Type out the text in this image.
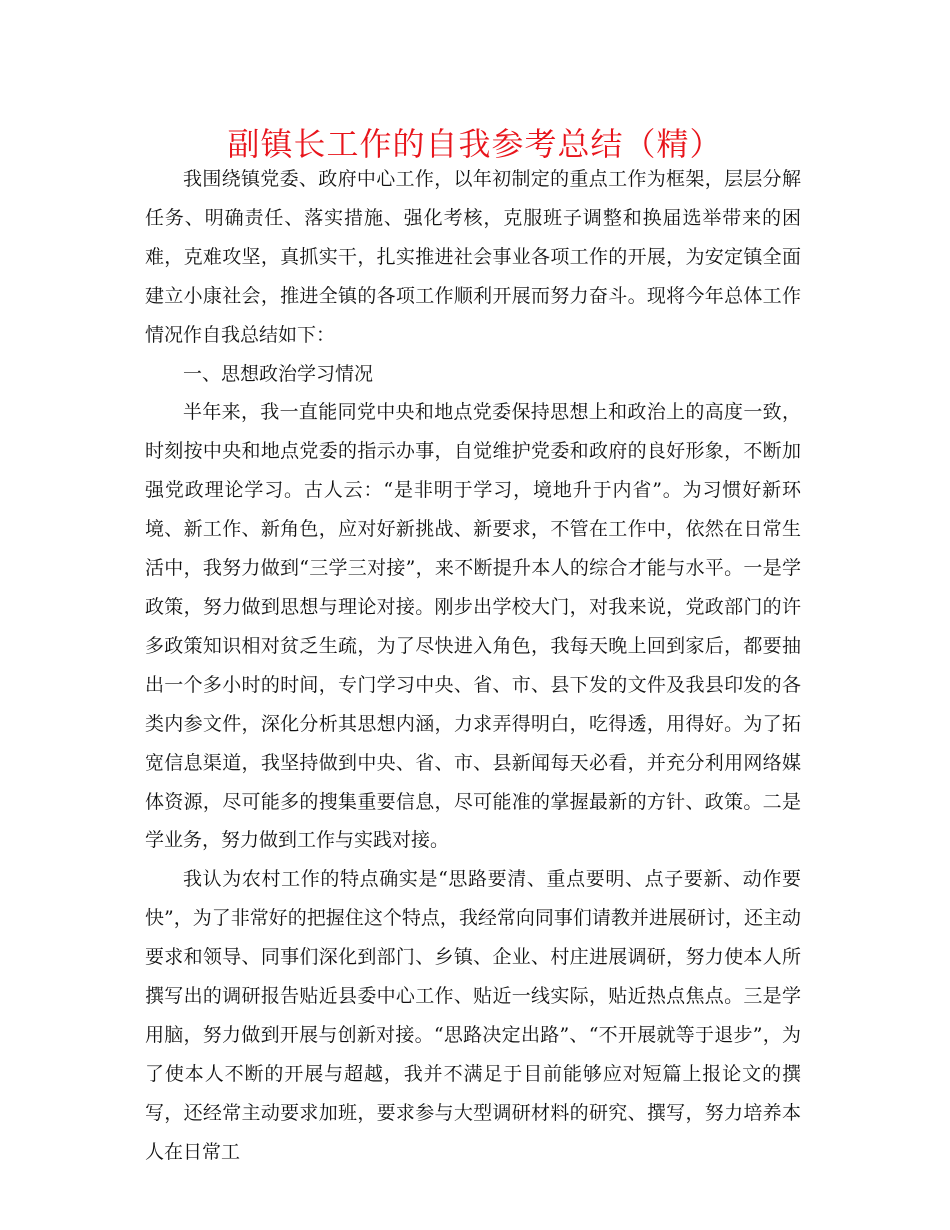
副镇长工作的自我参考总结（精）

我围绕镇党委、政府中心工作，以年初制定的重点工作为框架，层层分解任务、明确责任、落实措施、强化考核，克服班子调整和换届选举带来的困难，克难攻坚，真抓实干，扎实推进社会事业各项工作的开展，为安定镇全面建立小康社会，推进全镇的各项工作顺利开展而努力奋斗。现将今年总体工作情况作自我总结如下：

一、思想政治学习情况

半年来，我一直能同党中央和地点党委保持思想上和政治上的高度一致，时刻按中央和地点党委的指示办事，自觉维护党委和政府的良好形象，不断加强党政理论学习。古人云：“是非明于学习，境地升于内省”。为习惯好新环境、新工作、新角色，应对好新挑战、新要求，不管在工作中，依然在日常生活中，我努力做到“三学三对接”，来不断提升本人的综合才能与水平。一是学政策，努力做到思想与理论对接。刚步出学校大门，对我来说，党政部门的许多政策知识相对贫乏生疏，为了尽快进入角色，我每天晚上回到家后，都要抽出一个多小时的时间，专门学习中央、省、市、县下发的文件及我县印发的各类内参文件，深化分析其思想内涵，力求弄得明白，吃得透，用得好。为了拓宽信息渠道，我坚持做到中央、省、市、县新闻每天必看，并充分利用网络媒体资源，尽可能多的搜集重要信息，尽可能准的掌握最新的方针、政策。二是学业务，努力做到工作与实践对接。

我认为农村工作的特点确实是“思路要清、重点要明、点子要新、动作要快”，为了非常好的把握住这个特点，我经常向同事们请教并进展研讨，还主动要求和领导、同事们深化到部门、乡镇、企业、村庄进展调研，努力使本人所撰写出的调研报告贴近县委中心工作、贴近一线实际，贴近热点焦点。三是学用脑，努力做到开展与创新对接。“思路决定出路”、“不开展就等于退步”，为了使本人不断的开展与超越，我并不满足于目前能够应对短篇上报论文的撰写，还经常主动要求加班，要求参与大型调研材料的研究、撰写，努力培养本人在日常工
